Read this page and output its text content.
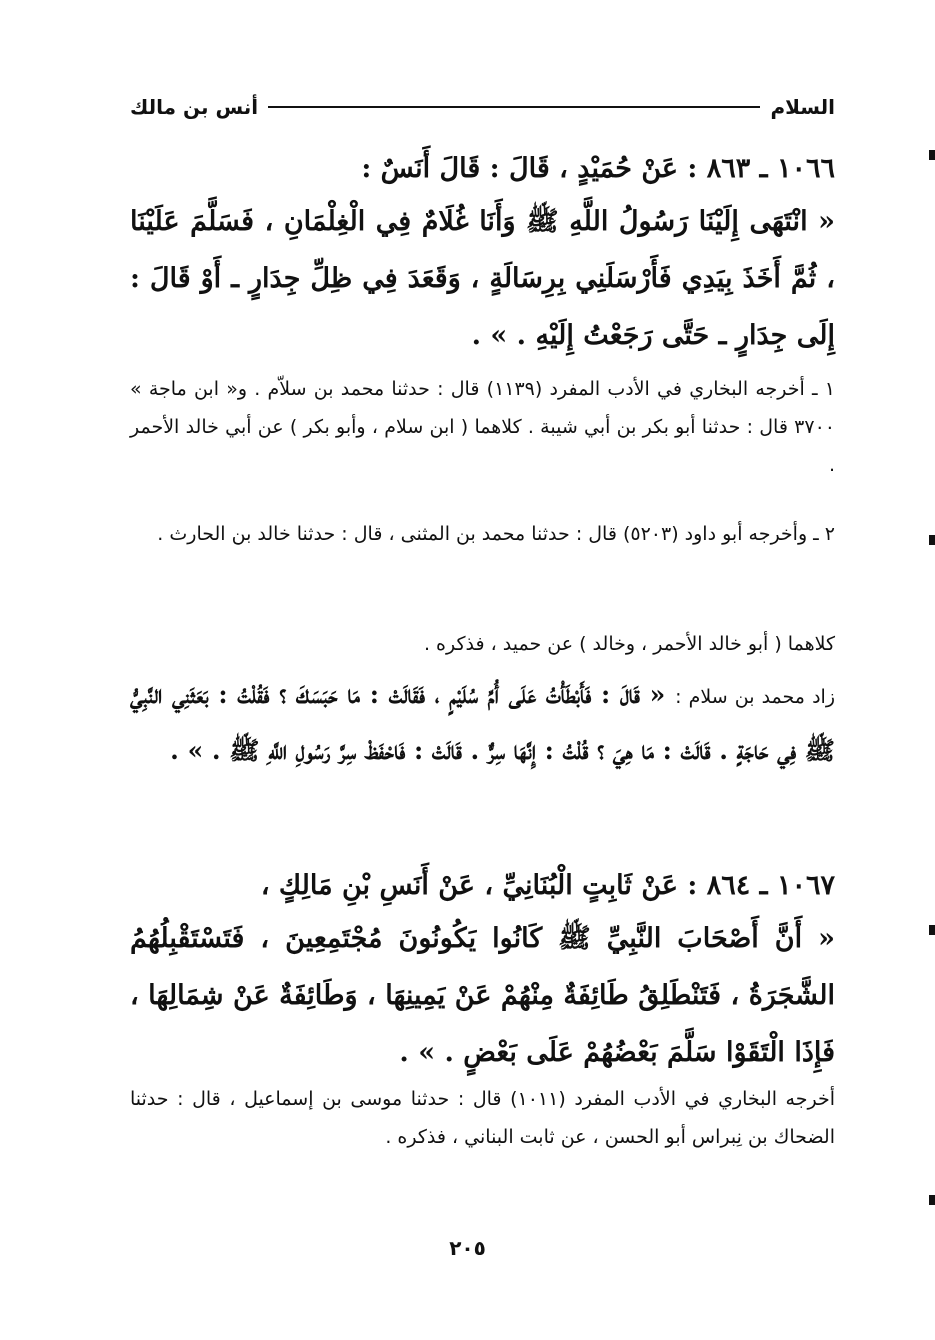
السلام
أنس بن مالك

١٠٦٦ ـ ٨٦٣ : عَنْ حُمَيْدٍ ، قَالَ : قَالَ أَنَسٌ :

« انْتَهَى إِلَيْنَا رَسُولُ اللَّهِ ﷺ وَأَنَا غُلَامٌ فِي الْغِلْمَانِ ، فَسَلَّمَ عَلَيْنَا ، ثُمَّ أَخَذَ بِيَدِي فَأَرْسَلَنِي بِرِسَالَةٍ ، وَقَعَدَ فِي ظِلِّ جِدَارٍ ـ أَوْ قَالَ : إِلَى جِدَارٍ ـ حَتَّى رَجَعْتُ إِلَيْهِ . » .

١ ـ أخرجه البخاري في الأدب المفرد (١١٣٩) قال : حدثنا محمد بن سلاّم . و« ابن ماجة » ٣٧٠٠ قال : حدثنا أبو بكر بن أبي شيبة . كلاهما ( ابن سلام ، وأبو بكر ) عن أبي خالد الأحمر .

٢ ـ وأخرجه أبو داود (٥٢٠٣) قال : حدثنا محمد بن المثنى ، قال : حدثنا خالد بن الحارث .

كلاهما ( أبو خالد الأحمر ، وخالد ) عن حميد ، فذكره .

زاد محمد بن سلام : « قَالَ : فَأَبْطَأْتُ عَلَى أُمِّ سُلَيْمٍ ، فَقَالَتْ : مَا حَبَسَكَ ؟ فَقُلْتُ : بَعَثَنِي النَّبِيُّ ﷺ فِي حَاجَةٍ . قَالَتْ : مَا هِيَ ؟ قُلْتُ : إِنَّهَا سِرٌّ . قَالَتْ : فَاحْفَظْ سِرَّ رَسُولِ اللَّهِ ﷺ . » .

١٠٦٧ ـ ٨٦٤ : عَنْ ثَابِتٍ الْبُنَانِيِّ ، عَنْ أَنَسِ بْنِ مَالِكٍ ،

« أَنَّ أَصْحَابَ النَّبِيِّ ﷺ كَانُوا يَكُونُونَ مُجْتَمِعِينَ ، فَتَسْتَقْبِلُهُمُ الشَّجَرَةُ ، فَتَنْطَلِقُ طَائِفَةٌ مِنْهُمْ عَنْ يَمِينِهَا ، وَطَائِفَةٌ عَنْ شِمَالِهَا ، فَإِذَا الْتَقَوْا سَلَّمَ بَعْضُهُمْ عَلَى بَعْضٍ . » .

أخرجه البخاري في الأدب المفرد (١٠١١) قال : حدثنا موسى بن إسماعيل ، قال : حدثنا الضحاك بن نِبراس أبو الحسن ، عن ثابت البناني ، فذكره .

٢٠٥
